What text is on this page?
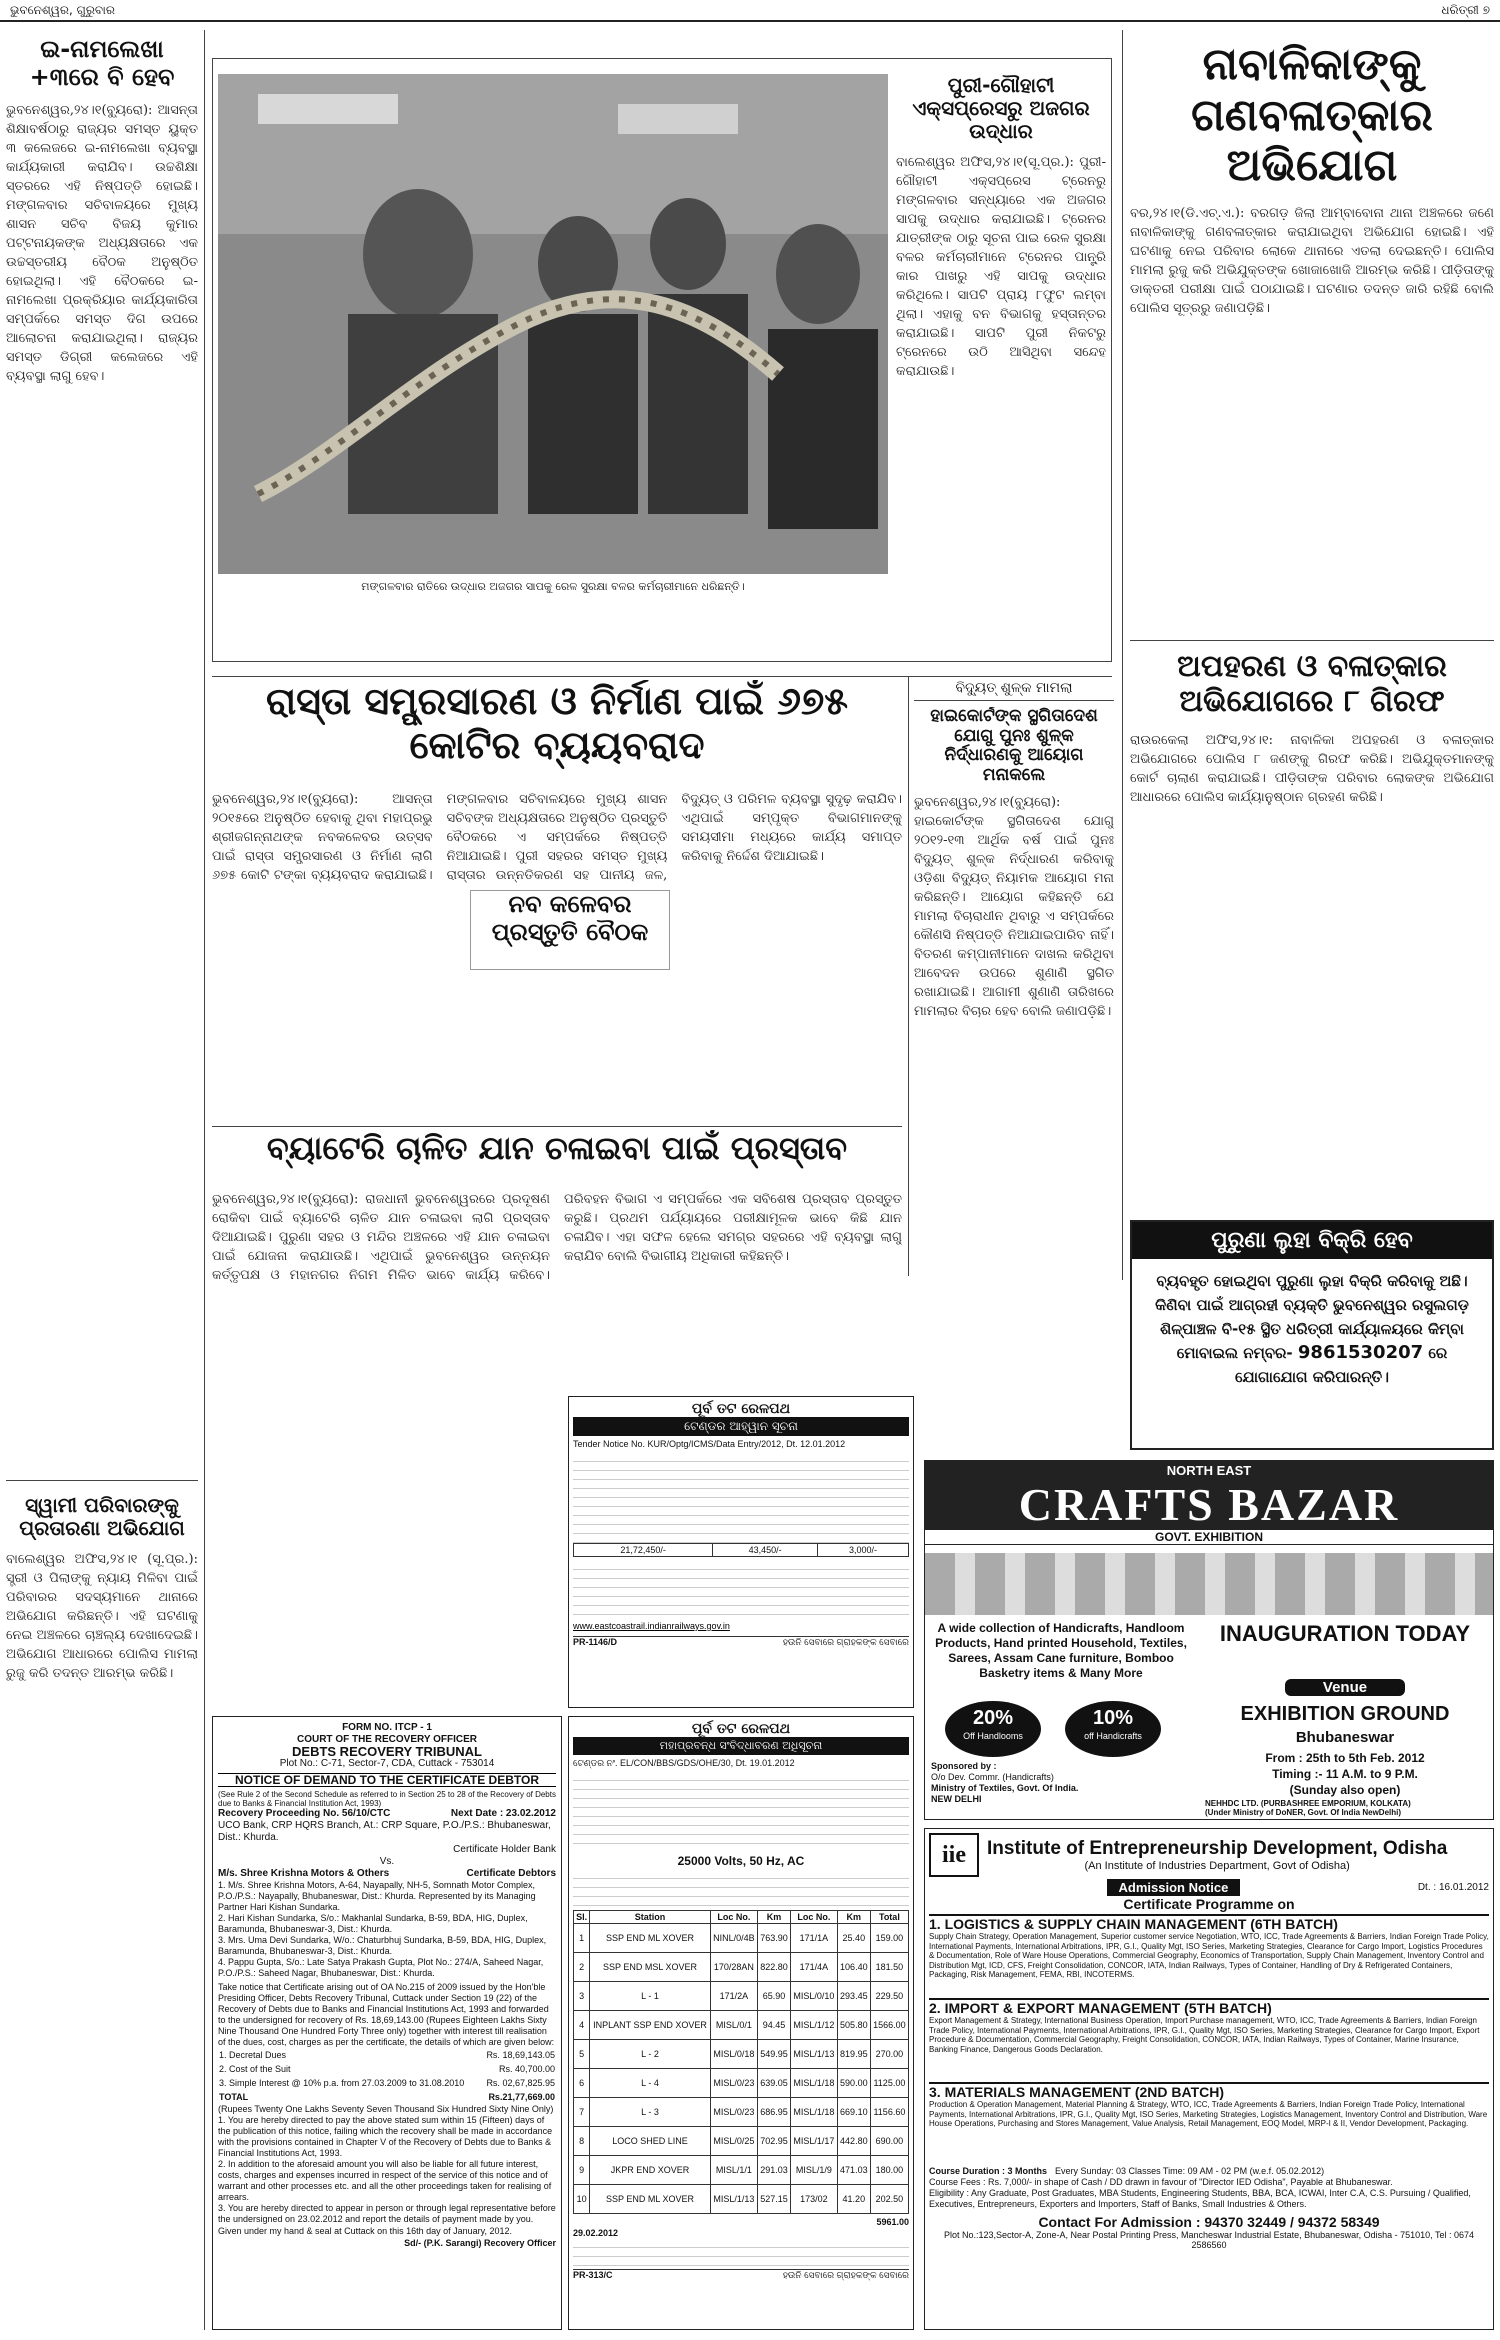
ଭୁବନେଶ୍ୱର, ଗୁରୁବାର	ଧରିତ୍ରୀ ୭
ଇ-ନାମଲେଖା +୩ରେ ବି ହେବ
ଭୁବନେଶ୍ୱର,୨୪।୧(ବ୍ୟୁରୋ): ଆସନ୍ତା ଶିକ୍ଷାବର୍ଷଠାରୁ ରାଜ୍ୟର ସମସ୍ତ ୟୁକ୍ତ ୩ କଲେଜରେ ଇ-ନାମଲେଖା ବ୍ୟବସ୍ଥା କାର୍ଯ୍ୟକାରୀ କରାଯିବ। ଉଚ୍ଚଶିକ୍ଷା ସ୍ତରରେ ଏହି ନିଷ୍ପତ୍ତି ହୋଇଛି। ମଙ୍ଗଳବାର ସଚିବାଳୟରେ ମୁଖ୍ୟ ଶାସନ ସଚିବ ବିଜୟ କୁମାର ପଟ୍ଟନାୟକଙ୍କ ଅଧ୍ୟକ୍ଷତାରେ ଏକ ଉଚ୍ଚସ୍ତରୀୟ ବୈଠକ ଅନୁଷ୍ଠିତ ହୋଇଥିଲା। ଏହି ବୈଠକରେ ଇ-ନାମଲେଖା ପ୍ରକ୍ରିୟାର କାର୍ଯ୍ୟକାରିତା ସମ୍ପର୍କରେ ସମସ୍ତ ଦିଗ ଉପରେ ଆଲୋଚନା କରାଯାଇଥିଲା। ରାଜ୍ୟର ସମସ୍ତ ଡିଗ୍ରୀ କଲେଜରେ ଏହି ବ୍ୟବସ୍ଥା ଲାଗୁ ହେବ।
ସ୍ୱାମୀ ପରିବାରଙ୍କୁ ପ୍ରତାରଣା ଅଭିଯୋଗ
ବାଲେଶ୍ୱର ଅଫିସ,୨୪।୧ (ସୂ.ପ୍ର.): ସ୍ତ୍ରୀ ଓ ପିଲାଙ୍କୁ ନ୍ୟାୟ ମିଳିବା ପାଇଁ ପରିବାରର ସଦସ୍ୟମାନେ ଥାନାରେ ଅଭିଯୋଗ କରିଛନ୍ତି। ଏହି ଘଟଣାକୁ ନେଇ ଅଞ୍ଚଳରେ ଚାଞ୍ଚଲ୍ୟ ଦେଖାଦେଇଛି। ଅଭିଯୋଗ ଆଧାରରେ ପୋଲିସ ମାମଲା ରୁଜୁ କରି ତଦନ୍ତ ଆରମ୍ଭ କରିଛି।
ମଙ୍ଗଳବାର ରାତିରେ ଉଦ୍ଧାର ଅଜଗର ସାପକୁ ରେଳ ସୁରକ୍ଷା ବଳର କର୍ମଚାରୀମାନେ ଧରିଛନ୍ତି।
ପୁରୀ-ଗୌହାଟୀ ଏକ୍ସପ୍ରେସରୁ ଅଜଗର ଉଦ୍ଧାର
ବାଲେଶ୍ୱର ଅଫିସ,୨୪।୧(ସୂ.ପ୍ର.): ପୁରୀ-ଗୌହାଟୀ ଏକ୍ସପ୍ରେସ ଟ୍ରେନରୁ ମଙ୍ଗଳବାର ସନ୍ଧ୍ୟାରେ ଏକ ଅଜଗର ସାପକୁ ଉଦ୍ଧାର କରାଯାଇଛି। ଟ୍ରେନର ଯାତ୍ରୀଙ୍କ ଠାରୁ ସୂଚନା ପାଇ ରେଳ ସୁରକ୍ଷା ବଳର କର୍ମଚାରୀମାନେ ଟ୍ରେନର ପାନ୍ଟ୍ରି କାର ପାଖରୁ ଏହି ସାପକୁ ଉଦ୍ଧାର କରିଥିଲେ। ସାପଟି ପ୍ରାୟ ୮ଫୁଟ ଲମ୍ବା ଥିଲା। ଏହାକୁ ବନ ବିଭାଗକୁ ହସ୍ତାନ୍ତର କରାଯାଇଛି। ସାପଟି ପୁରୀ ନିକଟରୁ ଟ୍ରେନରେ ଉଠି ଆସିଥିବା ସନ୍ଦେହ କରାଯାଉଛି।
ନାବାଳିକାଙ୍କୁ ଗଣବଳାତ୍କାର ଅଭିଯୋଗ
ବର,୨୪।୧(ଡି.ଏଚ୍.ଏ.): ବରଗଡ଼ ଜିଲା ଆମ୍ବାବୋନା ଥାନା ଅଞ୍ଚଳରେ ଜଣେ ନାବାଳିକାଙ୍କୁ ଗଣବଳାତ୍କାର କରାଯାଇଥିବା ଅଭିଯୋଗ ହୋଇଛି। ଏହି ଘଟଣାକୁ ନେଇ ପରିବାର ଲୋକେ ଥାନାରେ ଏତଲା ଦେଇଛନ୍ତି। ପୋଲିସ ମାମଲା ରୁଜୁ କରି ଅଭିଯୁକ୍ତଙ୍କ ଖୋଜାଖୋଜି ଆରମ୍ଭ କରିଛି। ପୀଡ଼ିତାଙ୍କୁ ଡାକ୍ତରୀ ପରୀକ୍ଷା ପାଇଁ ପଠାଯାଇଛି। ଘଟଣାର ତଦନ୍ତ ଜାରି ରହିଛି ବୋଲି ପୋଲିସ ସୂତ୍ରରୁ ଜଣାପଡ଼ିଛି।
ଅପହରଣ ଓ ବଳାତ୍କାର ଅଭିଯୋଗରେ ୮ ଗିରଫ
ରାଉରକେଲା ଅଫିସ,୨୪।୧: ନାବାଳିକା ଅପହରଣ ଓ ବଳାତ୍କାର ଅଭିଯୋଗରେ ପୋଲିସ ୮ ଜଣଙ୍କୁ ଗିରଫ କରିଛି। ଅଭିଯୁକ୍ତମାନଙ୍କୁ କୋର୍ଟ ଚାଲାଣ କରାଯାଇଛି। ପୀଡ଼ିତାଙ୍କ ପରିବାର ଲୋକଙ୍କ ଅଭିଯୋଗ ଆଧାରରେ ପୋଲିସ କାର୍ଯ୍ୟାନୁଷ୍ଠାନ ଗ୍ରହଣ କରିଛି।
ପୁରୁଣା ଲୁହା ବିକ୍ରି ହେବ
ବ୍ୟବହୃତ ହୋଇଥିବା ପୁରୁଣା ଲୁହା ବିକ୍ରି କରିବାକୁ ଅଛି। କିଣିବା ପାଇଁ ଆଗ୍ରହୀ ବ୍ୟକ୍ତି ଭୁବନେଶ୍ୱର ରସୁଲଗଡ଼ ଶିଳ୍ପାଞ୍ଚଳ ବି-୧୫ ସ୍ଥିତ ଧରିତ୍ରୀ କାର୍ଯ୍ୟାଳୟରେ କିମ୍ବା ମୋବାଇଲ ନମ୍ବର- 9861530207 ରେ ଯୋଗାଯୋଗ କରିପାରନ୍ତି।
ରାସ୍ତା ସମ୍ପ୍ରସାରଣ ଓ ନିର୍ମାଣ ପାଇଁ ୬୭୫ କୋଟିର ବ୍ୟୟବରାଦ
ଭୁବନେଶ୍ୱର,୨୪।୧(ବ୍ୟୁରୋ): ଆସନ୍ତା ୨୦୧୫ରେ ଅନୁଷ୍ଠିତ ହେବାକୁ ଥିବା ମହାପ୍ରଭୁ ଶ୍ରୀଜଗନ୍ନାଥଙ୍କ ନବକଳେବର ଉତ୍ସବ ପାଇଁ ରାସ୍ତା ସମ୍ପ୍ରସାରଣ ଓ ନିର୍ମାଣ ଲାଗି ୬୭୫ କୋଟି ଟଙ୍କା ବ୍ୟୟବରାଦ କରାଯାଇଛି। ମଙ୍ଗଳବାର ସଚିବାଳୟରେ ମୁଖ୍ୟ ଶାସନ ସଚିବଙ୍କ ଅଧ୍ୟକ୍ଷତାରେ ଅନୁଷ୍ଠିତ ପ୍ରସ୍ତୁତି ବୈଠକରେ ଏ ସମ୍ପର୍କରେ ନିଷ୍ପତ୍ତି ନିଆଯାଇଛି। ପୁରୀ ସହରର ସମସ୍ତ ମୁଖ୍ୟ ରାସ୍ତାର ଉନ୍ନତିକରଣ ସହ ପାନୀୟ ଜଳ, ବିଦ୍ୟୁତ୍ ଓ ପରିମଳ ବ୍ୟବସ୍ଥା ସୁଦୃଢ଼ କରାଯିବ। ଏଥିପାଇଁ ସମ୍ପୃକ୍ତ ବିଭାଗମାନଙ୍କୁ ସମୟସୀମା ମଧ୍ୟରେ କାର୍ଯ୍ୟ ସମାପ୍ତ କରିବାକୁ ନିର୍ଦ୍ଦେଶ ଦିଆଯାଇଛି।
ନବ କଳେବର ପ୍ରସ୍ତୁତି ବୈଠକ
ବିଦ୍ୟୁତ୍ ଶୁଳ୍କ ମାମଲା
ହାଇକୋର୍ଟଙ୍କ ସ୍ଥଗିତାଦେଶ ଯୋଗୁ ପୁନଃ ଶୁଳ୍କ ନିର୍ଦ୍ଧାରଣକୁ ଆୟୋଗ ମନାକଲେ
ଭୁବନେଶ୍ୱର,୨୪।୧(ବ୍ୟୁରୋ): ହାଇକୋର୍ଟଙ୍କ ସ୍ଥଗିତାଦେଶ ଯୋଗୁ ୨୦୧୨-୧୩ ଆର୍ଥିକ ବର୍ଷ ପାଇଁ ପୁନଃ ବିଦ୍ୟୁତ୍ ଶୁଳ୍କ ନିର୍ଦ୍ଧାରଣ କରିବାକୁ ଓଡ଼ିଶା ବିଦ୍ୟୁତ୍ ନିୟାମକ ଆୟୋଗ ମନା କରିଛନ୍ତି। ଆୟୋଗ କହିଛନ୍ତି ଯେ ମାମଲା ବିଚାରାଧୀନ ଥିବାରୁ ଏ ସମ୍ପର୍କରେ କୌଣସି ନିଷ୍ପତ୍ତି ନିଆଯାଇପାରିବ ନାହିଁ। ବିତରଣ କମ୍ପାନୀମାନେ ଦାଖଲ କରିଥିବା ଆବେଦନ ଉପରେ ଶୁଣାଣି ସ୍ଥଗିତ ରଖାଯାଇଛି। ଆଗାମୀ ଶୁଣାଣି ତାରିଖରେ ମାମଲାର ବିଚାର ହେବ ବୋଲି ଜଣାପଡ଼ିଛି।
ବ୍ୟାଟେରି ଚାଳିତ ଯାନ ଚଳାଇବା ପାଇଁ ପ୍ରସ୍ତାବ
ଭୁବନେଶ୍ୱର,୨୪।୧(ବ୍ୟୁରୋ): ରାଜଧାନୀ ଭୁବନେଶ୍ୱରରେ ପ୍ରଦୂଷଣ ରୋକିବା ପାଇଁ ବ୍ୟାଟେରି ଚାଳିତ ଯାନ ଚଳାଇବା ଲାଗି ପ୍ରସ୍ତାବ ଦିଆଯାଇଛି। ପୁରୁଣା ସହର ଓ ମନ୍ଦିର ଅଞ୍ଚଳରେ ଏହି ଯାନ ଚଳାଇବା ପାଇଁ ଯୋଜନା କରାଯାଉଛି। ଏଥିପାଇଁ ଭୁବନେଶ୍ୱର ଉନ୍ନୟନ କର୍ତ୍ତୃପକ୍ଷ ଓ ମହାନଗର ନିଗମ ମିଳିତ ଭାବେ କାର୍ଯ୍ୟ କରିବେ। ପରିବହନ ବିଭାଗ ଏ ସମ୍ପର୍କରେ ଏକ ସବିଶେଷ ପ୍ରସ୍ତାବ ପ୍ରସ୍ତୁତ କରୁଛି। ପ୍ରଥମ ପର୍ଯ୍ୟାୟରେ ପରୀକ୍ଷାମୂଳକ ଭାବେ କିଛି ଯାନ ଚଳାଯିବ। ଏହା ସଫଳ ହେଲେ ସମଗ୍ର ସହରରେ ଏହି ବ୍ୟବସ୍ଥା ଲାଗୁ କରାଯିବ ବୋଲି ବିଭାଗୀୟ ଅଧିକାରୀ କହିଛନ୍ତି।
ପୂର୍ବ ତଟ ରେଳପଥ
ଟେଣ୍ଡର ଆହ୍ୱାନ ସୂଚନା
Tender Notice No. KUR/Optg/ICMS/Data Entry/2012, Dt. 12.01.2012
21,72,450/-	43,450/-	3,000/-
www.eastcoastrail.indianrailways.gov.in
PR-1146/D	ହଉନି ସେବାରେ ଗ୍ରାହକଙ୍କ ସେବାରେ
FORM NO. ITCP - 1
COURT OF THE RECOVERY OFFICER
DEBTS RECOVERY TRIBUNAL
Plot No.: C-71, Sector-7, CDA, Cuttack - 753014
NOTICE OF DEMAND TO THE CERTIFICATE DEBTOR
(See Rule 2 of the Second Schedule as referred to in Section 25 to 28 of the Recovery of Debts due to Banks & Financial Institution Act, 1993)
Recovery Proceeding No. 56/10/CTC	Next Date : 23.02.2012
UCO Bank, CRP HQRS Branch, At.: CRP Square, P.O./P.S.: Bhubaneswar, Dist.: Khurda.
Certificate Holder Bank
Vs.
M/s. Shree Krishna Motors & Others	Certificate Debtors
1. M/s. Shree Krishna Motors, A-64, Nayapally, NH-5, Somnath Motor Complex, P.O./P.S.: Nayapally, Bhubaneswar, Dist.: Khurda. Represented by its Managing Partner Hari Kishan Sundarka.
2. Hari Kishan Sundarka, S/o.: Makhanlal Sundarka, B-59, BDA, HIG, Duplex, Baramunda, Bhubaneswar-3, Dist.: Khurda.
3. Mrs. Uma Devi Sundarka, W/o.: Chaturbhuj Sundarka, B-59, BDA, HIG, Duplex, Baramunda, Bhubaneswar-3, Dist.: Khurda.
4. Pappu Gupta, S/o.: Late Satya Prakash Gupta, Plot No.: 274/A, Saheed Nagar, P.O./P.S.: Saheed Nagar, Bhubaneswar, Dist.: Khurda.
Take notice that Certificate arising out of OA No.215 of 2009 issued by the Hon'ble Presiding Officer, Debts Recovery Tribunal, Cuttack under Section 19 (22) of the Recovery of Debts due to Banks and Financial Institutions Act, 1993 and forwarded to the undersigned for recovery of Rs. 18,69,143.00 (Rupees Eighteen Lakhs Sixty Nine Thousand One Hundred Forty Three only) together with interest till realisation of the dues, cost, charges as per the certificate, the details of which are given below:
1. Decretal Dues	Rs. 18,69,143.05
2. Cost of the Suit	Rs. 40,700.00
3. Simple Interest @ 10% p.a. from 27.03.2009 to 31.08.2010	Rs. 02,67,825.95
TOTAL	Rs.21,77,669.00
(Rupees Twenty One Lakhs Seventy Seven Thousand Six Hundred Sixty Nine Only)
1. You are hereby directed to pay the above stated sum within 15 (Fifteen) days of the publication of this notice, failing which the recovery shall be made in accordance with the provisions contained in Chapter V of the Recovery of Debts due to Banks & Financial Institutions Act, 1993.
2. In addition to the aforesaid amount you will also be liable for all future interest, costs, charges and expenses incurred in respect of the service of this notice and of warrant and other processes etc. and all the other proceedings taken for realising of arrears.
3. You are hereby directed to appear in person or through legal representative before the undersigned on 23.02.2012 and report the details of payment made by you.
Given under my hand & seal at Cuttack on this 16th day of January, 2012.
Sd/- (P.K. Sarangi) Recovery Officer
ପୂର୍ବ ତଟ ରେଳପଥ
ମହାପ୍ରବନ୍ଧ ସଂବିଦ୍ଧାବରଣ ଅଧିସୂଚନା
ଟେଣ୍ଡର ନଂ. EL/CON/BBS/GDS/OHE/30, Dt. 19.01.2012
25000 Volts, 50 Hz, AC
Sl.	Station	Loc No.	Km	Loc No.	Km	Total
1	SSP END ML XOVER	NINL/0/4B	763.90	171/1A	25.40	159.00
2	SSP END MSL XOVER	170/28AN	822.80	171/4A	106.40	181.50
3	L - 1	171/2A	65.90	MISL/0/10	293.45	229.50
4	INPLANT SSP END XOVER	MISL/0/1	94.45	MISL/1/12	505.80	1566.00
5	L - 2	MISL/0/18	549.95	MISL/1/13	819.95	270.00
6	L - 4	MISL/0/23	639.05	MISL/1/18	590.00	1125.00
7	L - 3	MISL/0/23	686.95	MISL/1/18	669.10	1156.60
8	LOCO SHED LINE	MISL/0/25	702.95	MISL/1/17	442.80	690.00
9	JKPR END XOVER	MISL/1/1	291.03	MISL/1/9	471.03	180.00
10	SSP END ML XOVER	MISL/1/13	527.15	173/02	41.20	202.50
5961.00
29.02.2012
PR-313/C	ହଉନି ସେବାରେ ଗ୍ରାହକଙ୍କ ସେବାରେ
NORTH EAST
CRAFTS BAZAR
GOVT. EXHIBITION
A wide collection of Handicrafts, Handloom Products, Hand printed Household, Textiles, Sarees, Assam Cane furniture, Bomboo Basketry items & Many More
INAUGURATION TODAY
Venue
EXHIBITION GROUND
Bhubaneswar
From : 25th to 5th Feb. 2012
Timing :- 11 A.M. to 9 P.M.
(Sunday also open)
20%
Off Handlooms
10%
off Handicrafts
Sponsored by :
O/o Dev. Commr. (Handicrafts)
Ministry of Textiles, Govt. Of India.
NEW DELHI	NEHHDC LTD. (PURBASHREE EMPORIUM, KOLKATA)
(Under Ministry of DoNER, Govt. Of India NewDelhi)
iie	Institute of Entrepreneurship Development, Odisha
(An Institute of Industries Department, Govt of Odisha)
Admission Notice	Dt. : 16.01.2012
Certificate Programme on
1. LOGISTICS & SUPPLY CHAIN MANAGEMENT (6TH BATCH)
Supply Chain Strategy, Operation Management, Superior customer service Negotiation, WTO, ICC, Trade Agreements & Barriers, Indian Foreign Trade Policy, International Payments, International Arbitrations, IPR, G.I., Quality Mgt, ISO Series, Marketing Strategies, Clearance for Cargo Import, Logistics Procedures & Documentation, Role of Ware House Operations, Commercial Geography, Economics of Transportation, Supply Chain Management, Inventory Control and Distribution Mgt, ICD, CFS, Freight Consolidation, CONCOR, IATA, Indian Railways, Types of Container, Handling of Dry & Refrigerated Containers, Packaging, Risk Management, FEMA, RBI, INCOTERMS.
2. IMPORT & EXPORT MANAGEMENT (5TH BATCH)
Export Management & Strategy, International Business Operation, Import Purchase management, WTO, ICC, Trade Agreements & Barriers, Indian Foreign Trade Policy, International Payments, International Arbitrations, IPR, G.I., Quality Mgt, ISO Series, Marketing Strategies, Clearance for Cargo Import, Export Procedure & Documentation, Commercial Geography, Freight Consolidation, CONCOR, IATA, Indian Railways, Types of Container, Marine Insurance, Banking Finance, Dangerous Goods Declaration.
3. MATERIALS MANAGEMENT (2ND BATCH)
Production & Operation Management, Material Planning & Strategy, WTO, ICC, Trade Agreements & Barriers, Indian Foreign Trade Policy, International Payments, International Arbitrations, IPR, G.I., Quality Mgt, ISO Series, Marketing Strategies, Logistics Management, Inventory Control and Distribution, Ware House Operations, Purchasing and Stores Management, Value Analysis, Retail Management, EOQ Model, MRP-I & II, Vendor Development, Packaging.
Course Duration : 3 Months Every Sunday: 03 Classes Time: 09 AM - 02 PM (w.e.f. 05.02.2012)
Course Fees : Rs. 7,000/- in shape of Cash / DD drawn in favour of "Director IED Odisha", Payable at Bhubaneswar.
Eligibility : Any Graduate, Post Graduates, MBA Students, Engineering Students, BBA, BCA, ICWAI, Inter C.A, C.S. Pursuing / Qualified, Executives, Entrepreneurs, Exporters and Importers, Staff of Banks, Small Industries & Others.
Contact For Admission : 94370 32449 / 94372 58349
Plot No.:123,Sector-A, Zone-A, Near Postal Printing Press, Mancheswar Industrial Estate, Bhubaneswar, Odisha - 751010, Tel : 0674 2586560
